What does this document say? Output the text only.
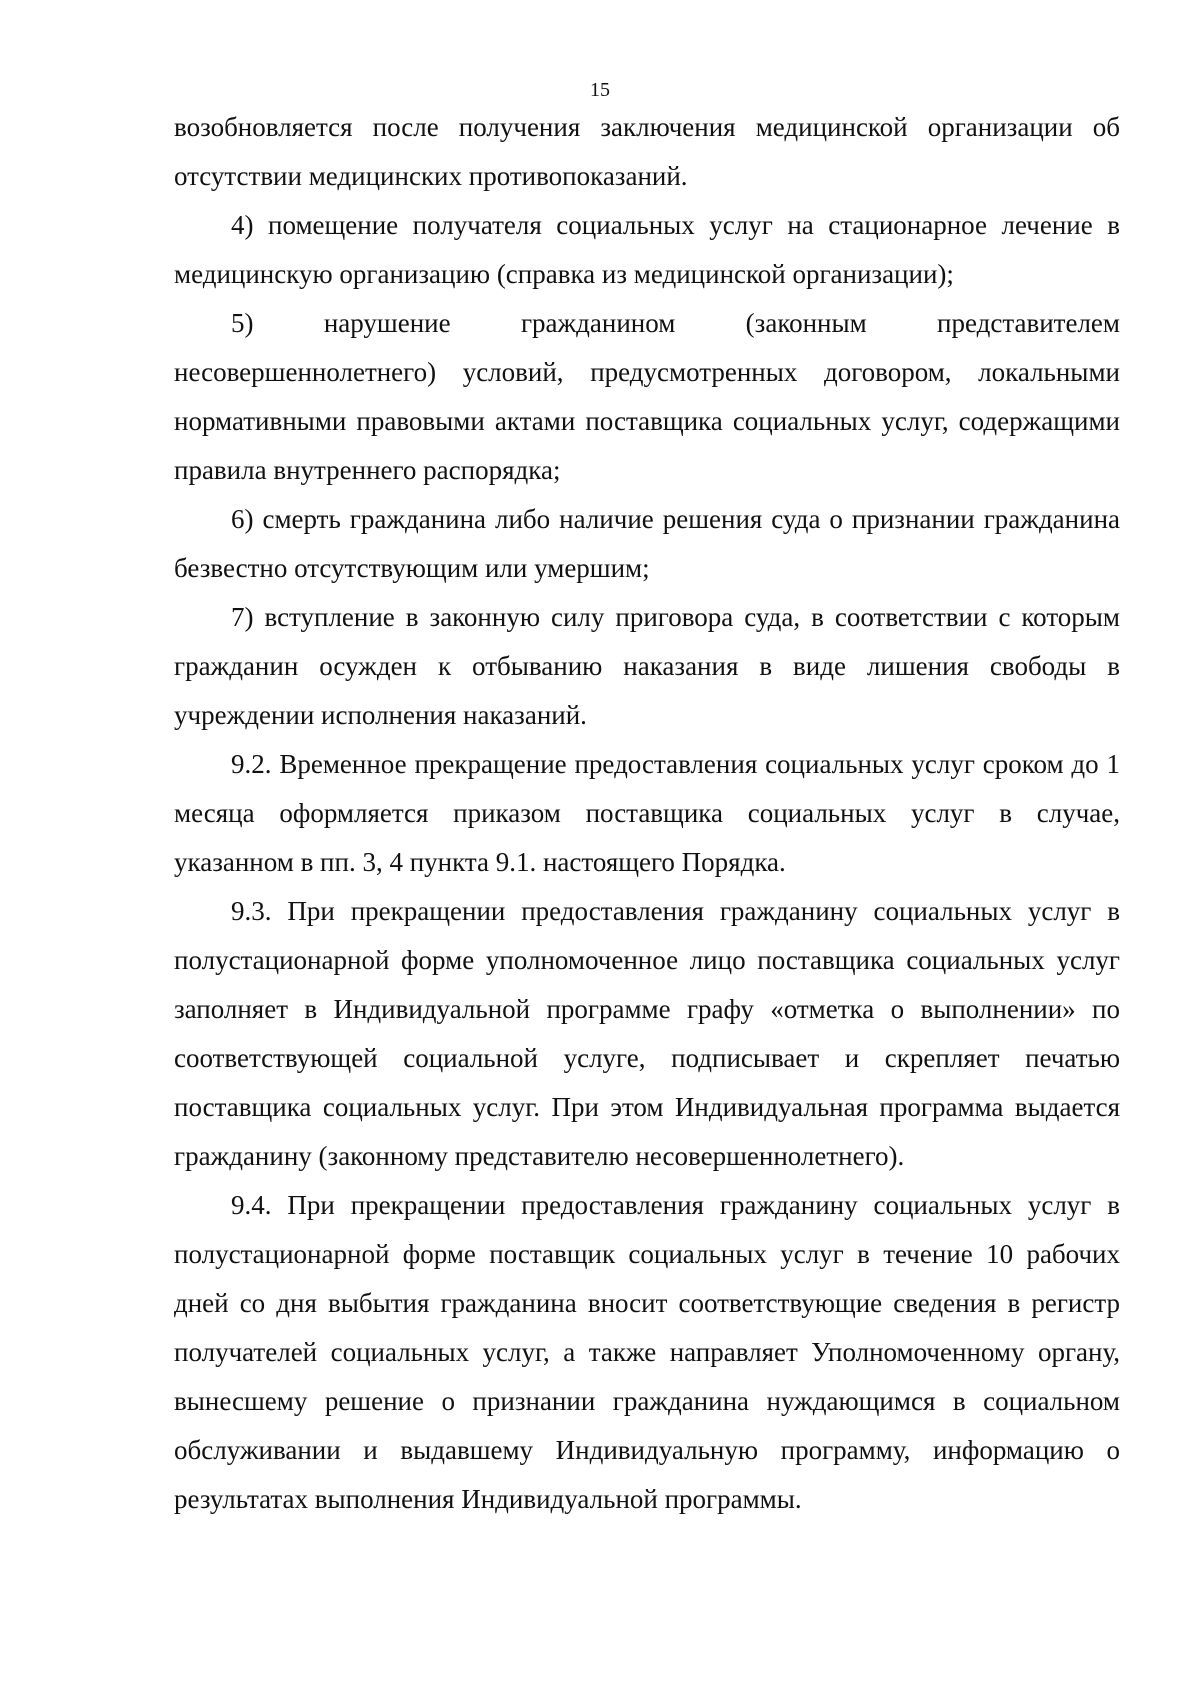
15

возобновляется после получения заключения медицинской организации об отсутствии медицинских противопоказаний.

4) помещение получателя социальных услуг на стационарное лечение в медицинскую организацию (справка из медицинской организации);

5) нарушение гражданином (законным представителем несовершеннолетнего) условий, предусмотренных договором, локальными нормативными правовыми актами поставщика социальных услуг, содержащими правила внутреннего распорядка;

6) смерть гражданина либо наличие решения суда о признании гражданина безвестно отсутствующим или умершим;

7) вступление в законную силу приговора суда, в соответствии с которым гражданин осужден к отбыванию наказания в виде лишения свободы в учреждении исполнения наказаний.

9.2. Временное прекращение предоставления социальных услуг сроком до 1 месяца оформляется приказом поставщика социальных услуг в случае, указанном в пп. 3, 4 пункта 9.1. настоящего Порядка.

9.3. При прекращении предоставления гражданину социальных услуг в полустационарной форме уполномоченное лицо поставщика социальных услуг заполняет в Индивидуальной программе графу «отметка о выполнении» по соответствующей социальной услуге, подписывает и скрепляет печатью поставщика социальных услуг. При этом Индивидуальная программа выдается гражданину (законному представителю несовершеннолетнего).

9.4. При прекращении предоставления гражданину социальных услуг в полустационарной форме поставщик социальных услуг в течение 10 рабочих дней со дня выбытия гражданина вносит соответствующие сведения в регистр получателей социальных услуг, а также направляет Уполномоченному органу, вынесшему решение о признании гражданина нуждающимся в социальном обслуживании и выдавшему Индивидуальную программу, информацию о результатах выполнения Индивидуальной программы.
